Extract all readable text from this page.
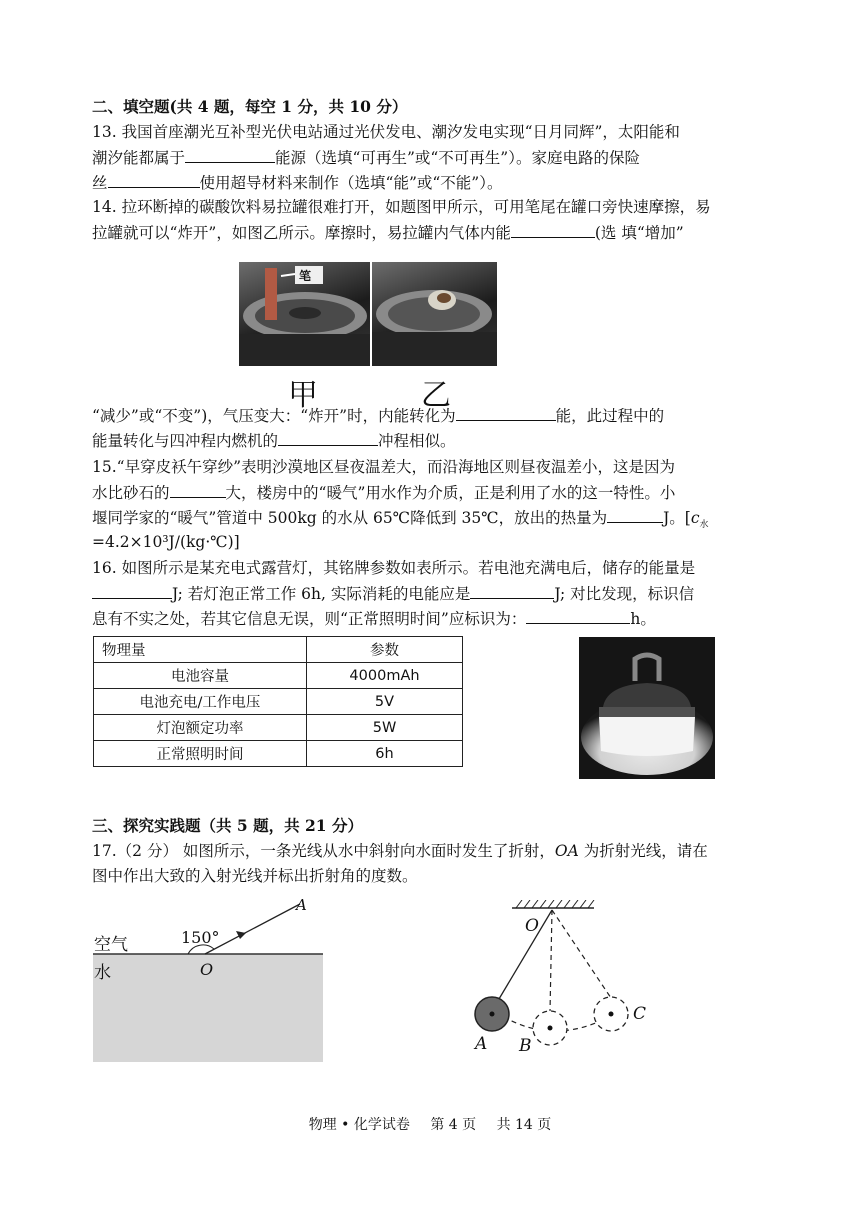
二、填空题(共 4 题，每空 1 分，共 10 分）
13. 我国首座潮光互补型光伏电站通过光伏发电、潮汐发电实现“日月同辉”，太阳能和
潮汐能都属于	能源（选填“可再生”或“不可再生”）。家庭电路的保险
丝	使用超导材料来制作（选填“能”或“不能”）。
14. 拉环断掉的碳酸饮料易拉罐很难打开，如题图甲所示，可用笔尾在罐口旁快速摩擦，易
拉罐就可以“炸开”，如图乙所示。摩擦时，易拉罐内气体内能	(选 填“增加”
笔
甲	乙
“减少”或“不变”)，气压变大：“炸开”时，内能转化为	能，此过程中的
能量转化与四冲程内燃机的	冲程相似。
15.“早穿皮袄午穿纱”表明沙漠地区昼夜温差大，而沿海地区则昼夜温差小，这是因为
水比砂石的	大，楼房中的“暖气”用水作为介质，正是利用了水的这一特性。小
堰同学家的“暖气”管道中 500kg 的水从 65℃降低到 35℃，放出的热量为	J。[$c_水$
=4.2×10³J/(kg·℃)]
16. 如图所示是某充电式露营灯，其铭牌参数如表所示。若电池充满电后，储存的能量是
J; 若灯泡正常工作 6h, 实际消耗的电能应是	J; 对比发现，标识信
息有不实之处，若其它信息无误，则“正常照明时间”应标识为：	h。
物理量	参数
电池容量	4000mAh
电池充电/工作电压	5V
灯泡额定功率	5W
正常照明时间	6h
三、探究实践题（共 5 题，共 21 分）
17.（2 分） 如图所示，一条光线从水中斜射向水面时发生了折射，OA 为折射光线，请在
图中作出大致的入射光线并标出折射角的度数。
空气
水
150°
O
A
O
A B
C
物理 • 化学试卷 第 4 页 共 14 页
